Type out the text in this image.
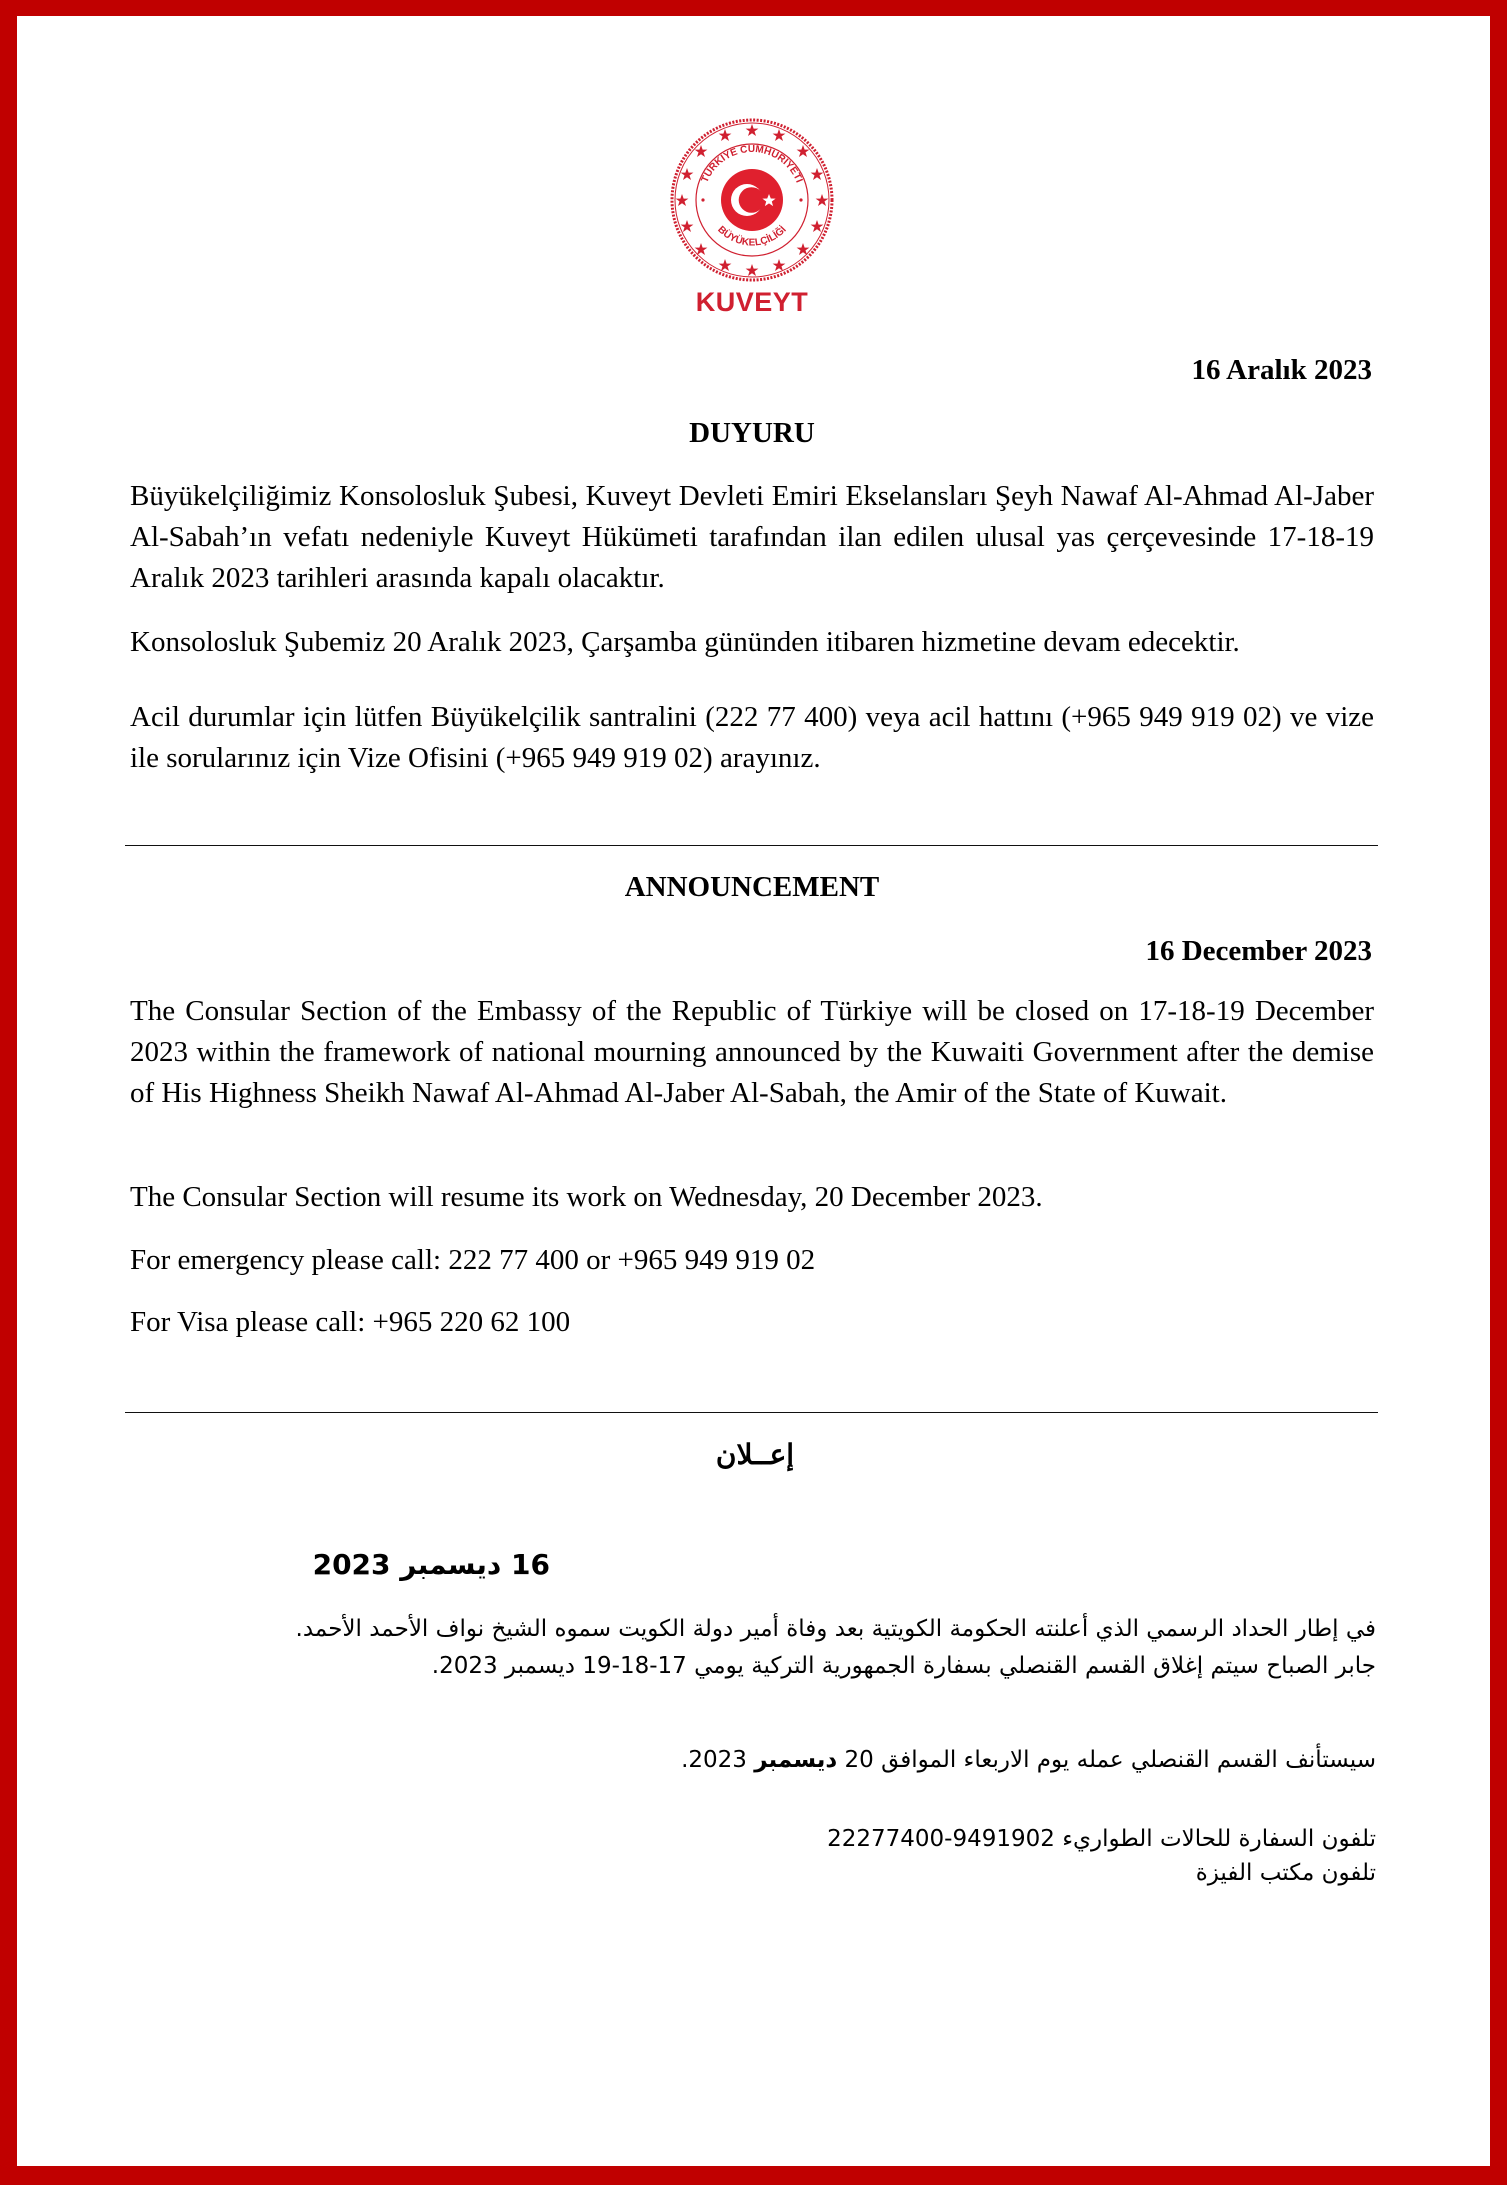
TÜRKİYE CUMHURİYETİ
BÜYÜKELÇİLİĞİ
KUVEYT
16 Aralık 2023
DUYURU
Büyükelçiliğimiz Konsolosluk Şubesi, Kuveyt Devleti Emiri Ekselansları Şeyh Nawaf Al-Ahmad Al-Jaber Al-Sabah’ın vefatı nedeniyle Kuveyt Hükümeti tarafından ilan edilen ulusal yas çerçevesinde 17-18-19 Aralık 2023 tarihleri arasında kapalı olacaktır.
Konsolosluk Şubemiz 20 Aralık 2023, Çarşamba gününden itibaren hizmetine devam edecektir.
Acil durumlar için lütfen Büyükelçilik santralini (222 77 400) veya acil hattını (+965 949 919 02) ve vize ile sorularınız için Vize Ofisini (+965 949 919 02) arayınız.
ANNOUNCEMENT
16 December 2023
The Consular Section of the Embassy of the Republic of Türkiye will be closed on 17-18-19 December 2023 within the framework of national mourning announced by the Kuwaiti Government after the demise of His Highness Sheikh Nawaf Al-Ahmad Al-Jaber Al-Sabah, the Amir of the State of Kuwait.
The Consular Section will resume its work on Wednesday, 20 December 2023.
For emergency please call: 222 77 400 or +965 949 919 02
For Visa please call: +965 220 62 100
إعــلان
16 ديسمبر 2023
في إطار الحداد الرسمي الذي أعلنته الحكومة الكويتية بعد وفاة أمير دولة الكويت سموه الشيخ نواف الأحمد الأحمد.
جابر الصباح سيتم إغلاق القسم القنصلي بسفارة الجمهورية التركية يومي 17-18-19 ديسمبر 2023.
سيستأنف القسم القنصلي عمله يوم الاربعاء الموافق 20 ديسمبر 2023.
تلفون السفارة للحالات الطواريء 9491902-22277400
تلفون مكتب الفيزة
